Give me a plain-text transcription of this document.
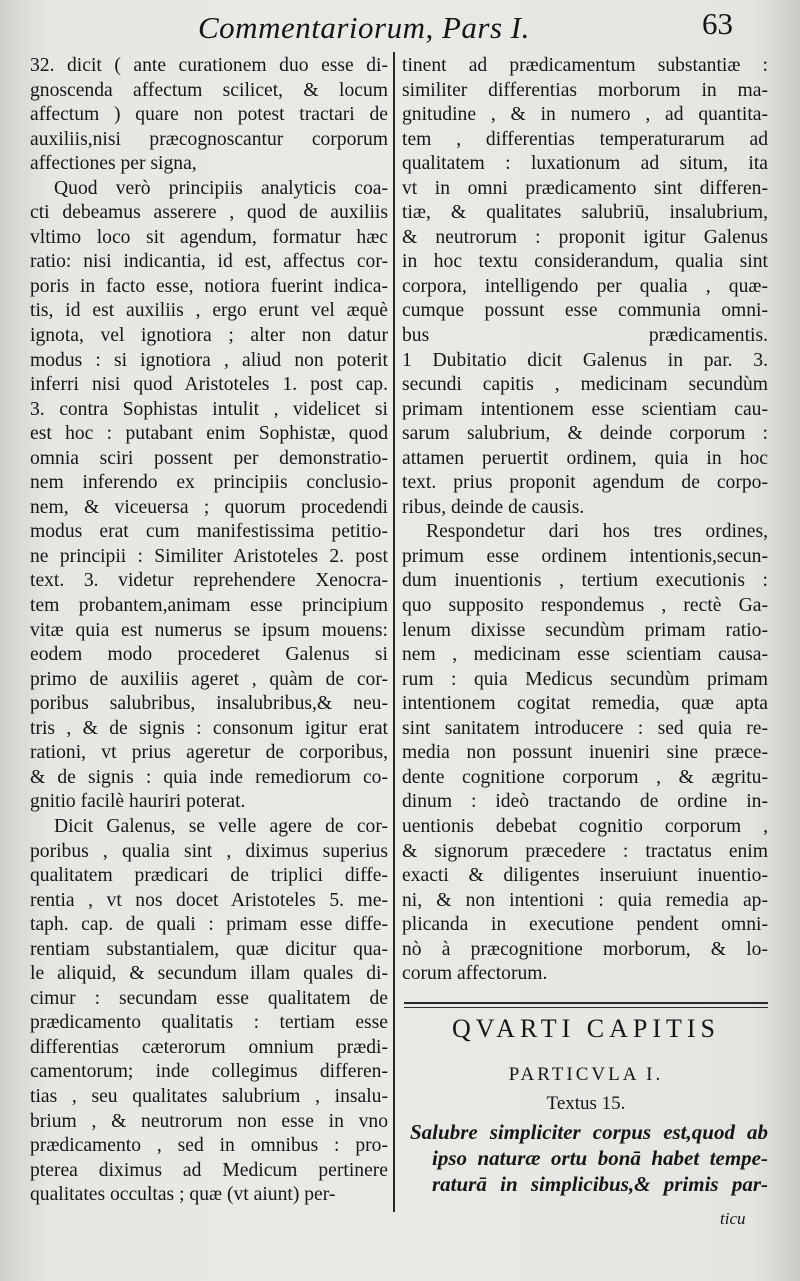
Commentariorum, Pars I.	63
32. dicit ( ante curationem duo esse di-
gnoscenda affectum scilicet, & locum
affectum ) quare non potest tractari de
auxiliis,nisi præcognoscantur corporum
affectiones per signa,
Quod verò principiis analyticis coa-
cti debeamus asserere , quod de auxiliis
vltimo loco sit agendum, formatur hæc
ratio: nisi indicantia, id est, affectus cor-
poris in facto esse, notiora fuerint indica-
tis, id est auxiliis , ergo erunt vel æquè
ignota, vel ignotiora ; alter non datur
modus : si ignotiora , aliud non poterit
inferri nisi quod Aristoteles 1. post cap.
3. contra Sophistas intulit , videlicet si
est hoc : putabant enim Sophistæ, quod
omnia sciri possent per demonstratio-
nem inferendo ex principiis conclusio-
nem, & viceuersa ; quorum procedendi
modus erat cum manifestissima petitio-
ne principii : Similiter Aristoteles 2. post
text. 3. videtur reprehendere Xenocra-
tem probantem,animam esse principium
vitæ quia est numerus se ipsum mouens:
eodem modo procederet Galenus si
primo de auxiliis ageret , quàm de cor-
poribus salubribus, insalubribus,& neu-
tris , & de signis : consonum igitur erat
rationi, vt prius ageretur de corporibus,
& de signis : quia inde remediorum co-
gnitio facilè hauriri poterat.
Dicit Galenus, se velle agere de cor-
poribus , qualia sint , diximus superius
qualitatem prædicari de triplici diffe-
rentia , vt nos docet Aristoteles 5. me-
taph. cap. de quali : primam esse diffe-
rentiam substantialem, quæ dicitur qua-
le aliquid, & secundum illam quales di-
cimur : secundam esse qualitatem de
prædicamento qualitatis : tertiam esse
differentias cæterorum omnium prædi-
camentorum; inde collegimus differen-
tias , seu qualitates salubrium , insalu-
brium , & neutrorum non esse in vno
prædicamento , sed in omnibus : pro-
pterea diximus ad Medicum pertinere
qualitates occultas ; quæ (vt aiunt) per-
tinent ad prædicamentum substantiæ :
similiter differentias morborum in ma-
gnitudine , & in numero , ad quantita-
tem , differentias temperaturarum ad
qualitatem : luxationum ad situm, ita
vt in omni prædicamento sint differen-
tiæ, & qualitates salubriū, insalubrium,
& neutrorum : proponit igitur Galenus
in hoc textu considerandum, qualia sint
corpora, intelligendo per qualia , quæ-
cumque possunt esse communia omni-
bus prædicamentis.
1 Dubitatio dicit Galenus in par. 3.
secundi capitis , medicinam secundùm
primam intentionem esse scientiam cau-
sarum salubrium, & deinde corporum :
attamen peruertit ordinem, quia in hoc
text. prius proponit agendum de corpo-
ribus, deinde de causis.
Respondetur dari hos tres ordines,
primum esse ordinem intentionis,secun-
dum inuentionis , tertium executionis :
quo supposito respondemus , rectè Ga-
lenum dixisse secundùm primam ratio-
nem , medicinam esse scientiam causa-
rum : quia Medicus secundùm primam
intentionem cogitat remedia, quæ apta
sint sanitatem introducere : sed quia re-
media non possunt inueniri sine præce-
dente cognitione corporum , & ægritu-
dinum : ideò tractando de ordine in-
uentionis debebat cognitio corporum ,
& signorum præcedere : tractatus enim
exacti & diligentes inseruiunt inuentio-
ni, & non intentioni : quia remedia ap-
plicanda in executione pendent omni-
nò à præcognitione morborum, & lo-
corum affectorum.
QVARTI CAPITIS
PARTICVLA I.
Textus 15.
Salubre simpliciter corpus est,quod ab
ipso naturæ ortu bonā habet tempe-
raturā in simplicibus,& primis par-
ticu
